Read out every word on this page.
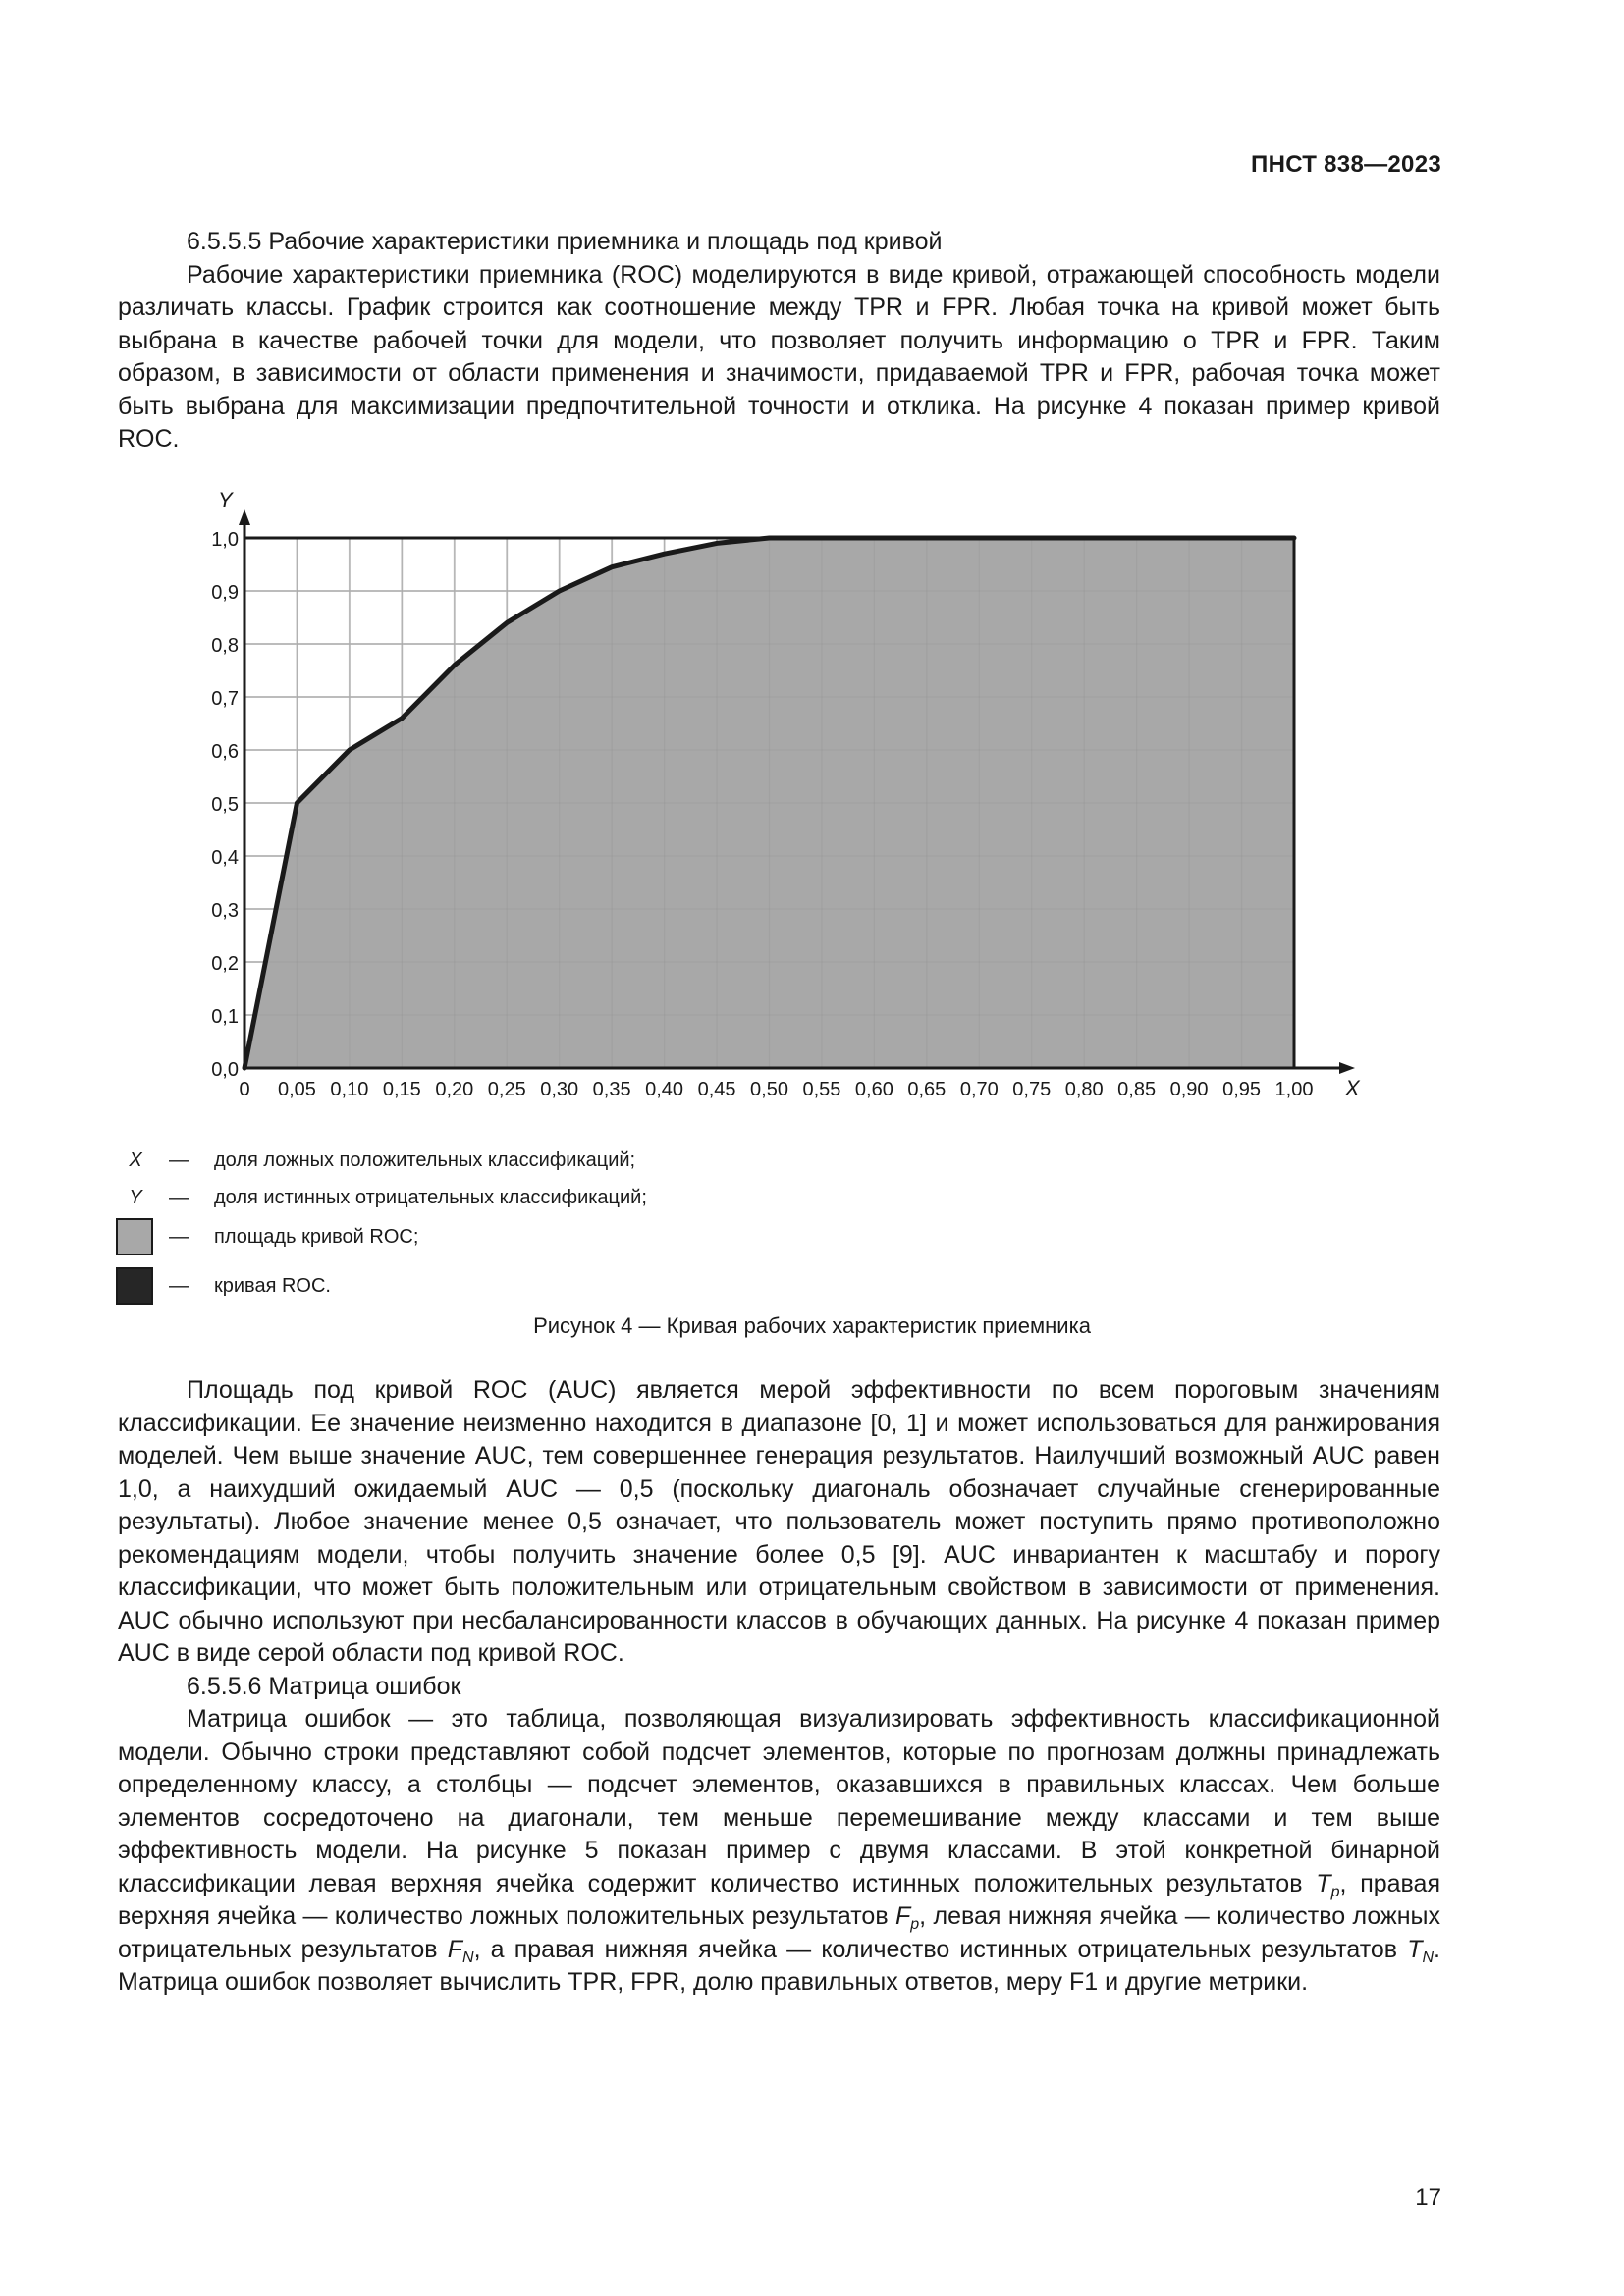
ПНСТ 838—2023

6.5.5.5 Рабочие характеристики приемника и площадь под кривой

Рабочие характеристики приемника (ROC) моделируются в виде кривой, отражающей способность модели различать классы. График строится как соотношение между TPR и FPR. Любая точка на кривой может быть выбрана в качестве рабочей точки для модели, что позволяет получить информацию о TPR и FPR. Таким образом, в зависимости от области применения и значимости, придаваемой TPR и FPR, рабочая точка может быть выбрана для максимизации предпочтительной точности и отклика. На рисунке 4 показан пример кривой ROC.

0 0,05 0,10 0,15 0,20 0,25 0,30 0,35 0,40 0,45 0,50 0,55 0,60 0,65 0,70 0,75 0,80 0,85 0,90 0,95 1,00
0,0
0,1
0,2
0,3
0,4
0,5
0,6
0,7
0,8
0,9
1,0
X
Y
X	— доля ложных положительных классификаций;
Y	— доля истинных отрицательных классификаций;
— площадь кривой ROC;
— кривая ROC.
Рисунок 4 — Кривая рабочих характеристик приемника

Площадь под кривой ROC (AUC) является мерой эффективности по всем пороговым значениям классификации. Ее значение неизменно находится в диапазоне [0, 1] и может использоваться для ранжирования моделей. Чем выше значение AUC, тем совершеннее генерация результатов. Наилучший возможный AUC равен 1,0, а наихудший ожидаемый AUC — 0,5 (поскольку диагональ обозначает случайные сгенерированные результаты). Любое значение менее 0,5 означает, что пользователь может поступить прямо противоположно рекомендациям модели, чтобы получить значение более 0,5 [9]. AUC инвариантен к масштабу и порогу классификации, что может быть положительным или отрицательным свойством в зависимости от применения. AUC обычно используют при несбалансированности классов в обучающих данных. На рисунке 4 показан пример AUC в виде серой области под кривой ROC.

6.5.5.6 Матрица ошибок

Матрица ошибок — это таблица, позволяющая визуализировать эффективность классификационной модели. Обычно строки представляют собой подсчет элементов, которые по прогнозам должны принадлежать определенному классу, а столбцы — подсчет элементов, оказавшихся в правильных классах. Чем больше элементов сосредоточено на диагонали, тем меньше перемешивание между классами и тем выше эффективность модели. На рисунке 5 показан пример с двумя классами. В этой конкретной бинарной классификации левая верхняя ячейка содержит количество истинных положительных результатов $T_p$, правая верхняя ячейка — количество ложных положительных результатов $F_p$, левая нижняя ячейка — количество ложных отрицательных результатов $F_N$, а правая нижняя ячейка — количество истинных отрицательных результатов $T_N$. Матрица ошибок позволяет вычислить TPR, FPR, долю правильных ответов, меру F1 и другие метрики.

17
